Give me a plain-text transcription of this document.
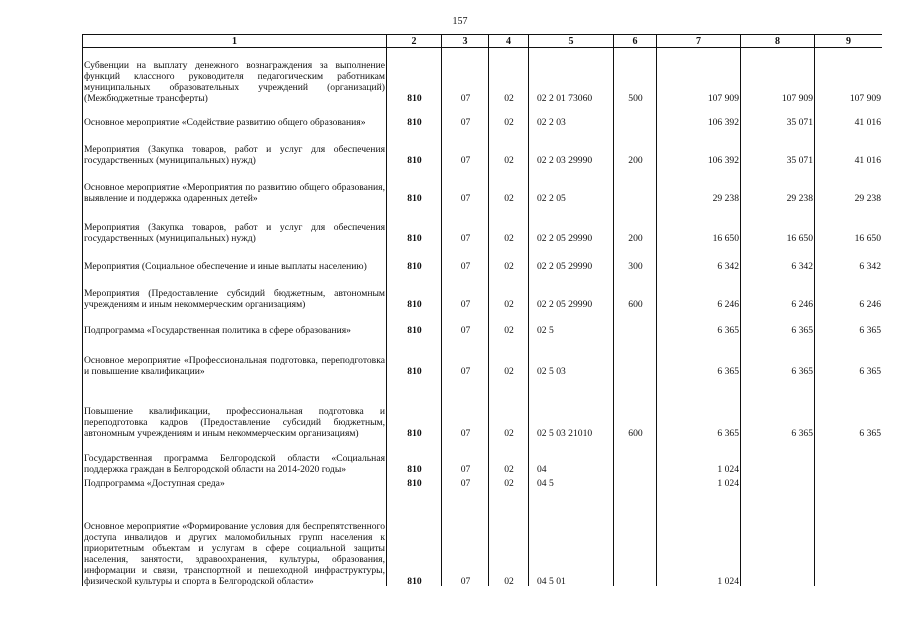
157
1	2	3	4	5	6	7	8	9
Субвенции на выплату денежного вознаграждения за выполнение функций классного руководителя педагогическим работникам муниципальных образовательных учреждений (организаций) (Межбюджетные трансферты)	810	07	02	02 2 01 73060	500	107 909	107 909	107 909
Основное мероприятие «Содействие развитию общего образования»	810	07	02	02 2 03		106 392	35 071	41 016
Мероприятия (Закупка товаров, работ и услуг для обеспечения государственных (муниципальных) нужд)	810	07	02	02 2 03 29990	200	106 392	35 071	41 016
Основное мероприятие «Мероприятия по развитию общего образования, выявление и поддержка одаренных детей»	810	07	02	02 2 05		29 238	29 238	29 238
Мероприятия (Закупка товаров, работ и услуг для обеспечения государственных (муниципальных) нужд)	810	07	02	02 2 05 29990	200	16 650	16 650	16 650
Мероприятия (Социальное обеспечение и иные выплаты населению)	810	07	02	02 2 05 29990	300	6 342	6 342	6 342
Мероприятия (Предоставление субсидий бюджетным, автономным учреждениям и иным некоммерческим организациям)	810	07	02	02 2 05 29990	600	6 246	6 246	6 246
Подпрограмма «Государственная политика в сфере образования»	810	07	02	02 5		6 365	6 365	6 365
Основное мероприятие «Профессиональная подготовка, переподготовка и повышение квалификации»	810	07	02	02 5 03		6 365	6 365	6 365
Повышение квалификации, профессиональная подготовка и переподготовка кадров (Предоставление субсидий бюджетным, автономным учреждениям и иным некоммерческим организациям)	810	07	02	02 5 03 21010	600	6 365	6 365	6 365
Государственная программа Белгородской области «Социальная поддержка граждан в Белгородской области на 2014-2020 годы»	810	07	02	04		1 024		
Подпрограмма «Доступная среда»	810	07	02	04 5		1 024		
Основное мероприятие «Формирование условия для беспрепятственного доступа инвалидов и других маломобильных групп населения к приоритетным объектам и услугам в сфере социальной защиты населения, занятости, здравоохранения, культуры, образования, информации и связи, транспортной и пешеходной инфраструктуры, физической культуры и спорта в Белгородской области»	810	07	02	04 5 01		1 024		
